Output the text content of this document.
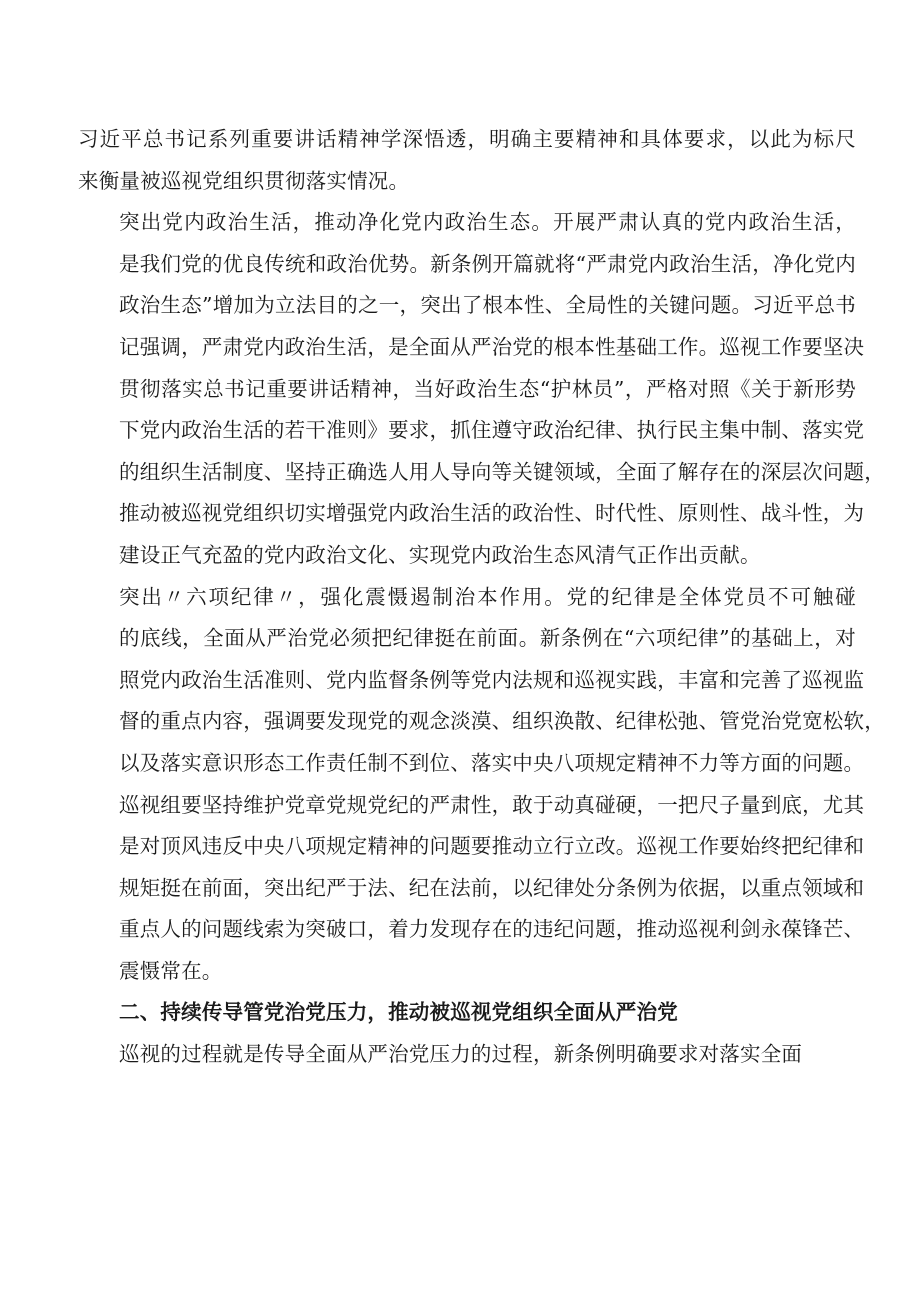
习近平总书记系列重要讲话精神学深悟透，明确主要精神和具体要求，以此为标尺
来衡量被巡视党组织贯彻落实情况。

突出党内政治生活，推动净化党内政治生态。开展严肃认真的党内政治生活，
是我们党的优良传统和政治优势。新条例开篇就将“严肃党内政治生活，净化党内
政治生态”增加为立法目的之一，突出了根本性、全局性的关键问题。习近平总书
记强调，严肃党内政治生活，是全面从严治党的根本性基础工作。巡视工作要坚决
贯彻落实总书记重要讲话精神，当好政治生态“护林员”，严格对照《关于新形势
下党内政治生活的若干准则》要求，抓住遵守政治纪律、执行民主集中制、落实党
的组织生活制度、坚持正确选人用人导向等关键领域，全面了解存在的深层次问题，
推动被巡视党组织切实增强党内政治生活的政治性、时代性、原则性、战斗性，为
建设正气充盈的党内政治文化、实现党内政治生态风清气正作出贡献。

突出〃六项纪律〃，强化震慑遏制治本作用。党的纪律是全体党员不可触碰
的底线，全面从严治党必须把纪律挺在前面。新条例在“六项纪律”的基础上，对
照党内政治生活准则、党内监督条例等党内法规和巡视实践，丰富和完善了巡视监
督的重点内容，强调要发现党的观念淡漠、组织涣散、纪律松弛、管党治党宽松软，
以及落实意识形态工作责任制不到位、落实中央八项规定精神不力等方面的问题。
巡视组要坚持维护党章党规党纪的严肃性，敢于动真碰硬，一把尺子量到底，尤其
是对顶风违反中央八项规定精神的问题要推动立行立改。巡视工作要始终把纪律和
规矩挺在前面，突出纪严于法、纪在法前，以纪律处分条例为依据，以重点领域和
重点人的问题线索为突破口，着力发现存在的违纪问题，推动巡视利剑永葆锋芒、
震慑常在。

二、持续传导管党治党压力，推动被巡视党组织全面从严治党

巡视的过程就是传导全面从严治党压力的过程，新条例明确要求对落实全面
